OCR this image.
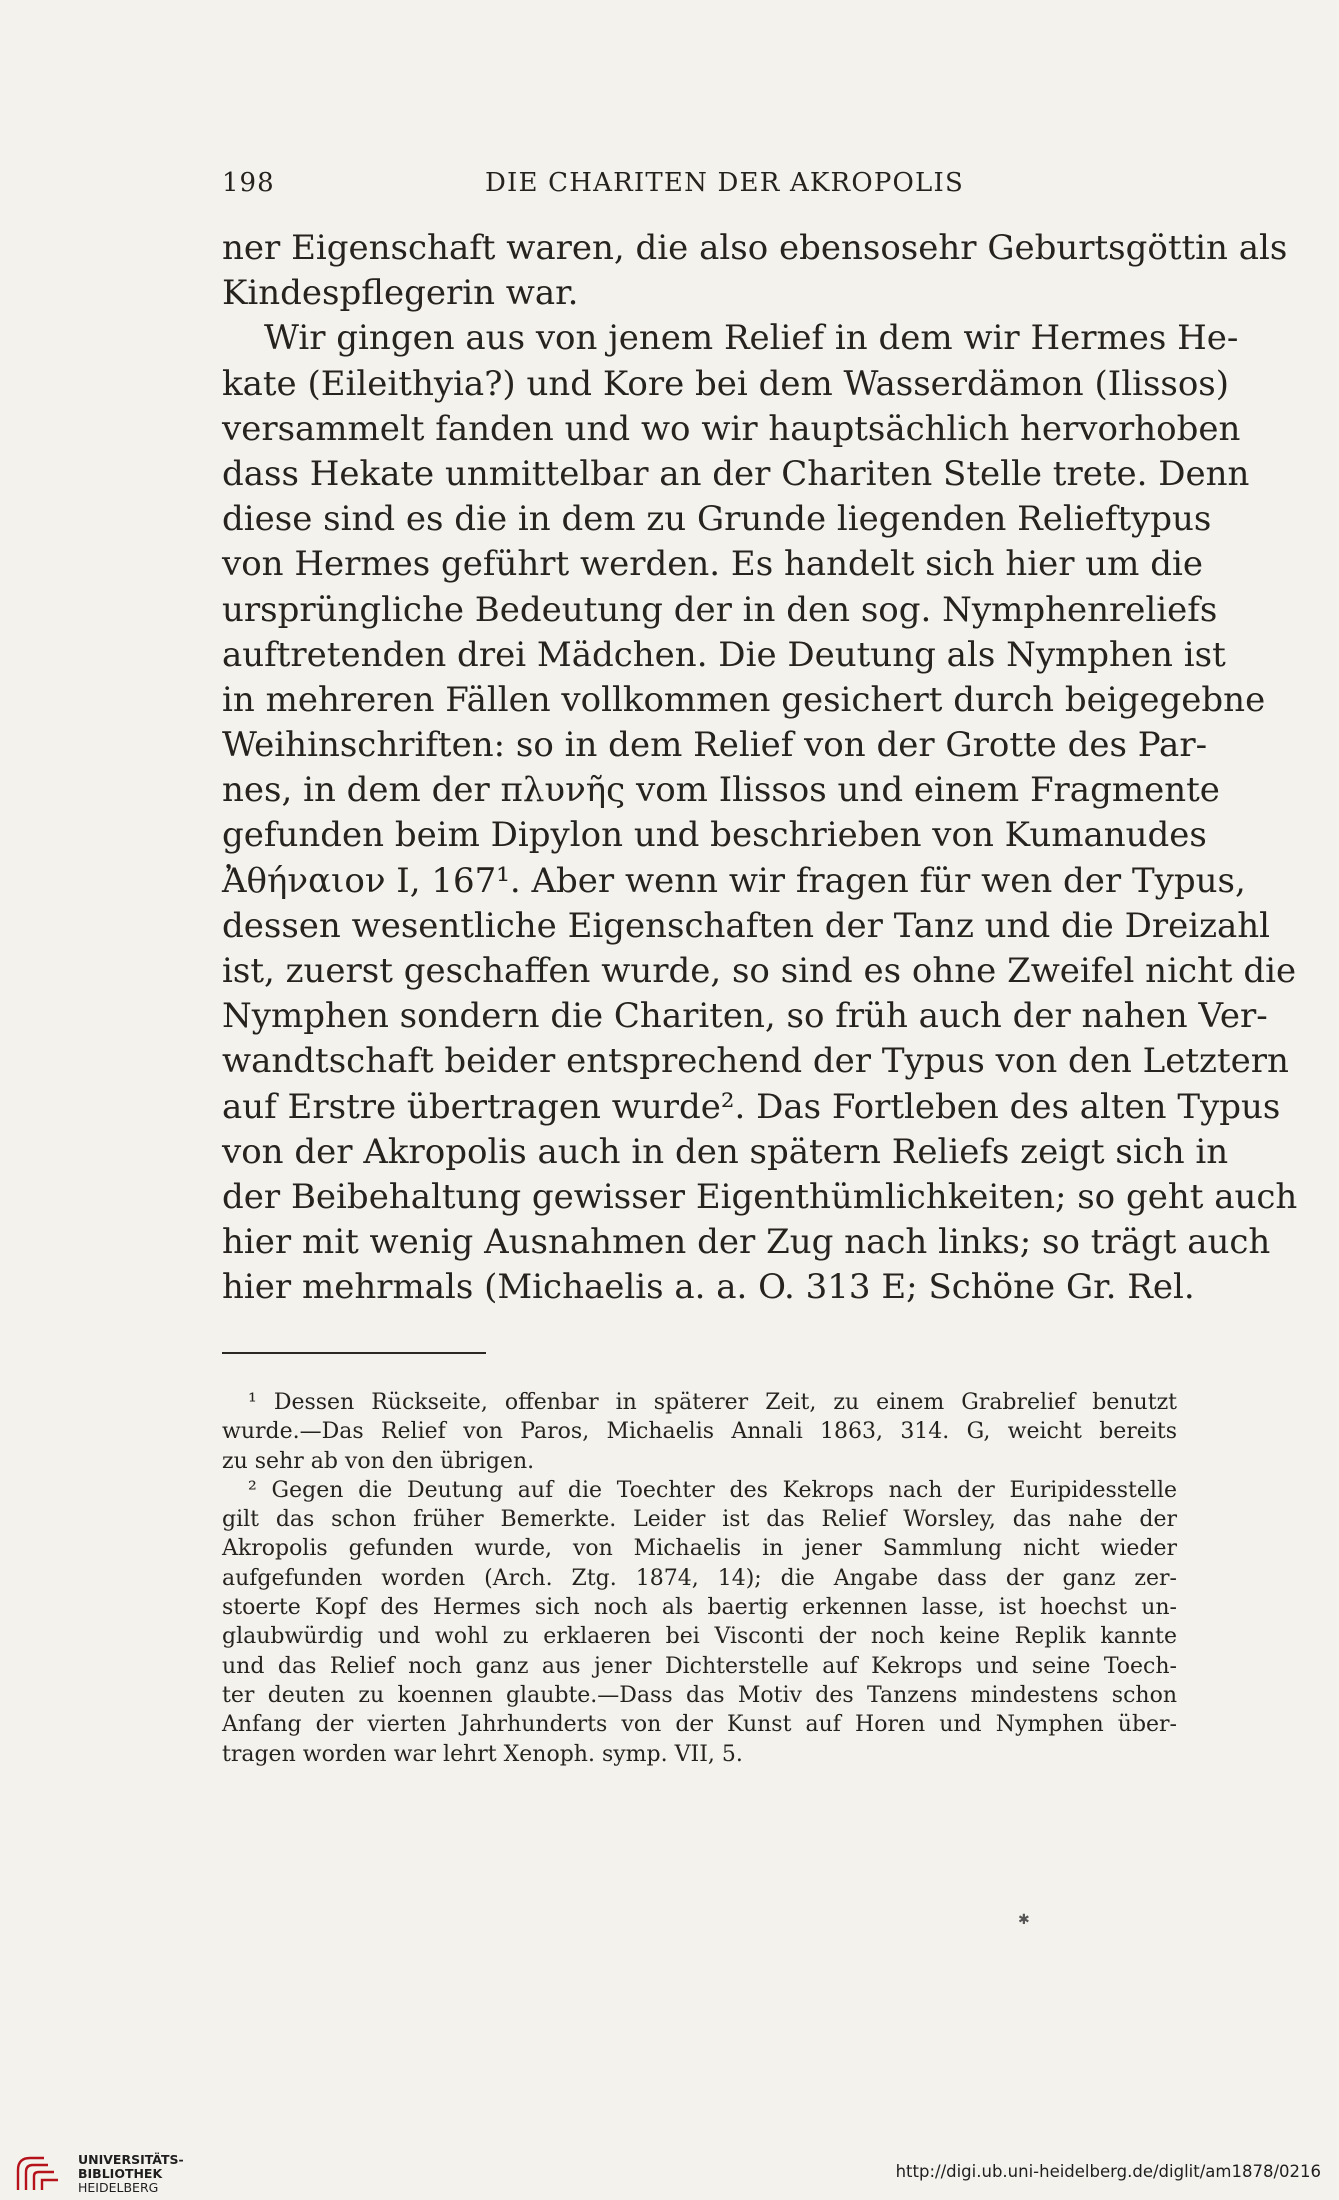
198	DIE CHARITEN DER AKROPOLIS
ner Eigenschaft waren, die also ebensosehr Geburtsgöttin als
Kindespflegerin war.
Wir gingen aus von jenem Relief in dem wir Hermes He-
kate (Eileithyia?) und Kore bei dem Wasserdämon (Ilissos)
versammelt fanden und wo wir hauptsächlich hervorhoben
dass Hekate unmittelbar an der Chariten Stelle trete. Denn
diese sind es die in dem zu Grunde liegenden Relieftypus
von Hermes geführt werden. Es handelt sich hier um die
ursprüngliche Bedeutung der in den sog. Nymphenreliefs
auftretenden drei Mädchen. Die Deutung als Nymphen ist
in mehreren Fällen vollkommen gesichert durch beigegebne
Weihinschriften: so in dem Relief von der Grotte des Par-
nes, in dem der πλυνῆς vom Ilissos und einem Fragmente
gefunden beim Dipylon und beschrieben von Kumanudes
Ἀθήναιον I, 167¹. Aber wenn wir fragen für wen der Typus,
dessen wesentliche Eigenschaften der Tanz und die Dreizahl
ist, zuerst geschaffen wurde, so sind es ohne Zweifel nicht die
Nymphen sondern die Chariten, so früh auch der nahen Ver-
wandtschaft beider entsprechend der Typus von den Letztern
auf Erstre übertragen wurde². Das Fortleben des alten Typus
von der Akropolis auch in den spätern Reliefs zeigt sich in
der Beibehaltung gewisser Eigenthümlichkeiten; so geht auch
hier mit wenig Ausnahmen der Zug nach links; so trägt auch
hier mehrmals (Michaelis a. a. O. 313 E; Schöne Gr. Rel.
¹ Dessen Rückseite, offenbar in späterer Zeit, zu einem Grabrelief benutzt
wurde.—Das Relief von Paros, Michaelis Annali 1863, 314. G, weicht bereits
zu sehr ab von den übrigen.
² Gegen die Deutung auf die Toechter des Kekrops nach der Euripidesstelle
gilt das schon früher Bemerkte. Leider ist das Relief Worsley, das nahe der
Akropolis gefunden wurde, von Michaelis in jener Sammlung nicht wieder
aufgefunden worden (Arch. Ztg. 1874, 14); die Angabe dass der ganz zer-
stoerte Kopf des Hermes sich noch als baertig erkennen lasse, ist hoechst un-
glaubwürdig und wohl zu erklaeren bei Visconti der noch keine Replik kannte
und das Relief noch ganz aus jener Dichterstelle auf Kekrops und seine Toech-
ter deuten zu koennen glaubte.—Dass das Motiv des Tanzens mindestens schon
Anfang der vierten Jahrhunderts von der Kunst auf Horen und Nymphen über-
tragen worden war lehrt Xenoph. symp. VII, 5.
✱
UNIVERSITÄTS-
BIBLIOTHEK
HEIDELBERG
http://digi.ub.uni-heidelberg.de/diglit/am1878/0216
